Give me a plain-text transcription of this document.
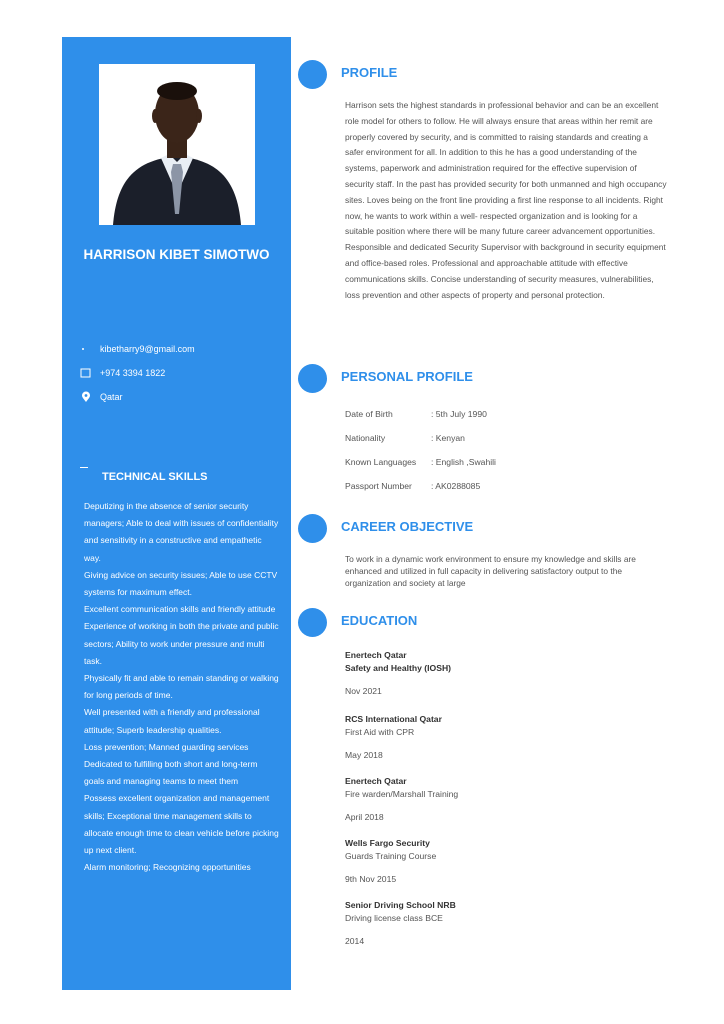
HARRISON KIBET SIMOTWO
kibetharry9@gmail.com
+974 3394 1822
Qatar
TECHNICAL SKILLS
Deputizing in the absence of senior security managers; Able to deal with issues of confidentiality and sensitivity in a constructive and empathetic way.
Giving advice on security issues; Able to use CCTV systems for maximum effect.
Excellent communication skills and friendly attitude
Experience of working in both the private and public sectors; Ability to work under pressure and multi task.
Physically fit and able to remain standing or walking for long periods of time.
Well presented with a friendly and professional attitude; Superb leadership qualities.
Loss prevention; Manned guarding services
Dedicated to fulfilling both short and long-term goals and managing teams to meet them
Possess excellent organization and management skills; Exceptional time management skills to allocate enough time to clean vehicle before picking up next client.
Alarm monitoring; Recognizing opportunities
PROFILE

Harrison sets the highest standards in professional behavior and can be an excellent role model for others to follow. He will always ensure that areas within her remit are properly covered by security, and is committed to raising standards and creating a safer environment for all. In addition to this he has a good understanding of the systems, paperwork and administration required for the effective supervision of security staff. In the past has provided security for both unmanned and high occupancy sites. Loves being on the front line providing a first line response to all incidents. Right now, he wants to work within a well- respected organization and is looking for a suitable position where there will be many future career advancement opportunities.

Responsible and dedicated Security Supervisor with background in security equipment and office-based roles. Professional and approachable attitude with effective communications skills. Concise understanding of security measures, vulnerabilities, loss prevention and other aspects of property and personal protection.

PERSONAL PROFILE
Date of Birth	: 5th July 1990
Nationality	: Kenyan
Known Languages : English ,Swahili
Passport Number : AK0288085
CAREER OBJECTIVE
To work in a dynamic work environment to ensure my knowledge and skills are enhanced and utilized in full capacity in delivering satisfactory output to the organization and society at large
EDUCATION
Enertech Qatar
Safety and Healthy (IOSH)
Nov 2021
RCS International Qatar
First Aid with CPR
May 2018
Enertech Qatar
Fire warden/Marshall Training
April 2018
Wells Fargo Security
Guards Training Course
9th Nov 2015
Senior Driving School NRB
Driving license class BCE
2014
